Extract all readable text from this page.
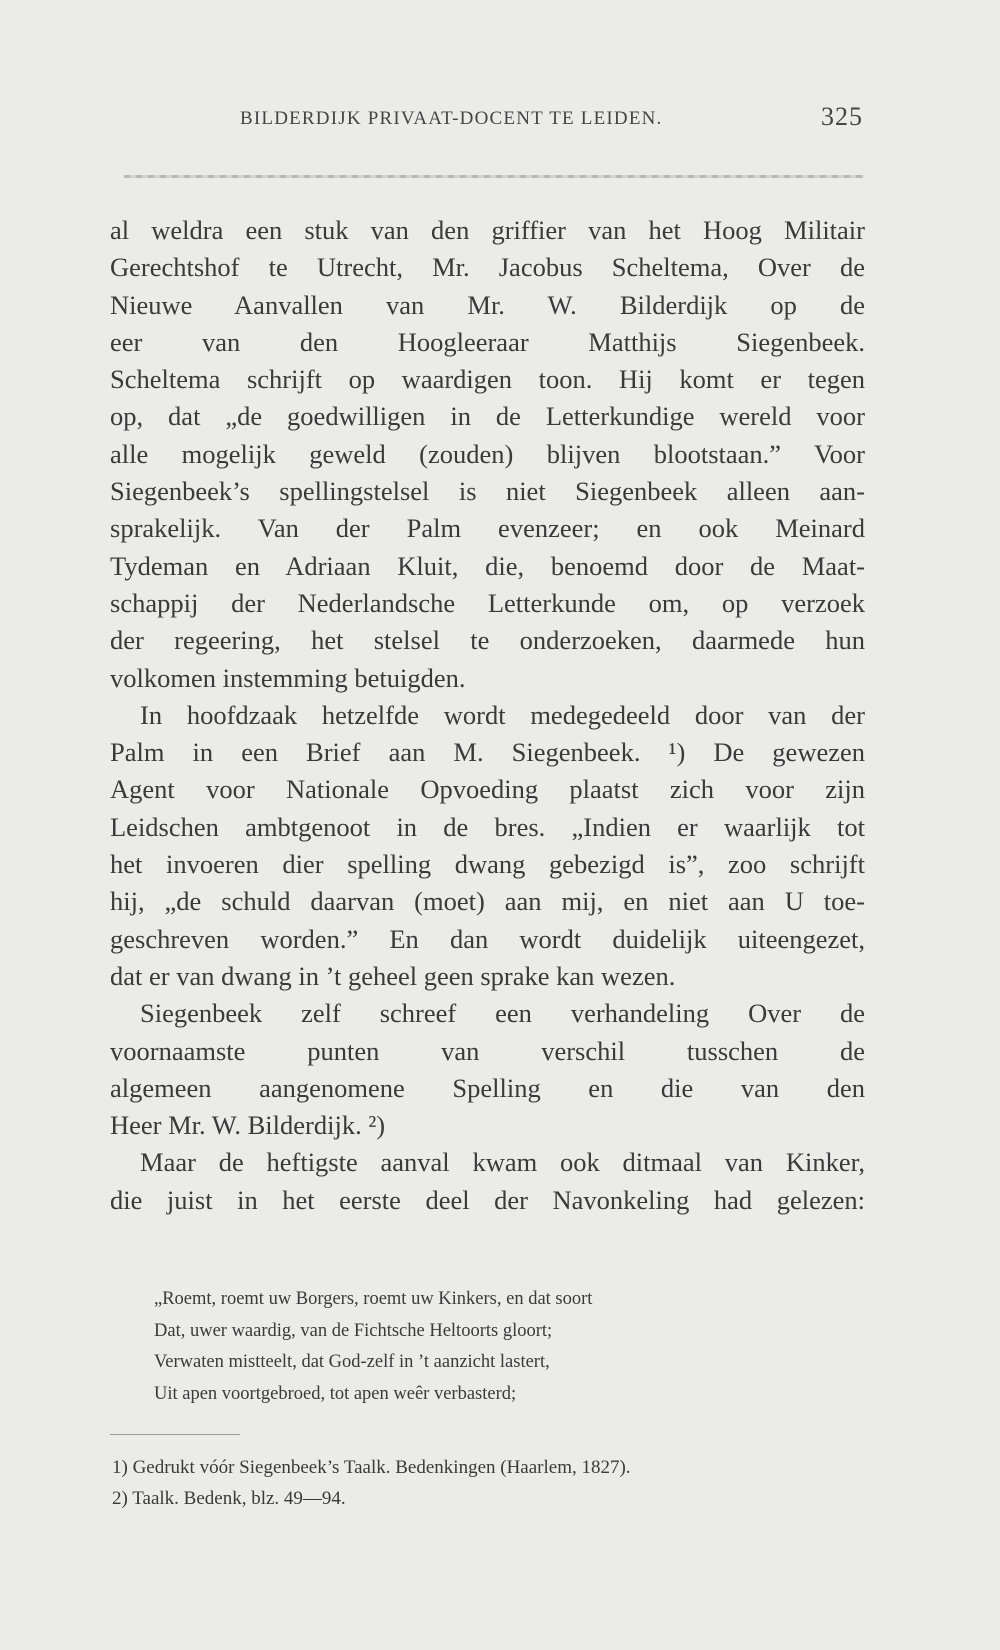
BILDERDIJK PRIVAAT-DOCENT TE LEIDEN.	325
al weldra een stuk van den griffier van het Hoog Militair
Gerechtshof te Utrecht, Mr. Jacobus Scheltema, Over de
Nieuwe Aanvallen van Mr. W. Bilderdijk op de
eer van den Hoogleeraar Matthijs Siegenbeek.
Scheltema schrijft op waardigen toon. Hij komt er tegen
op, dat „de goedwilligen in de Letterkundige wereld voor
alle mogelijk geweld (zouden) blijven blootstaan.” Voor
Siegenbeek’s spellingstelsel is niet Siegenbeek alleen aan-
sprakelijk. Van der Palm evenzeer; en ook Meinard
Tydeman en Adriaan Kluit, die, benoemd door de Maat-
schappij der Nederlandsche Letterkunde om, op verzoek
der regeering, het stelsel te onderzoeken, daarmede hun
volkomen instemming betuigden.
In hoofdzaak hetzelfde wordt medegedeeld door van der
Palm in een Brief aan M. Siegenbeek. ¹) De gewezen
Agent voor Nationale Opvoeding plaatst zich voor zijn
Leidschen ambtgenoot in de bres. „Indien er waarlijk tot
het invoeren dier spelling dwang gebezigd is”, zoo schrijft
hij, „de schuld daarvan (moet) aan mij, en niet aan U toe-
geschreven worden.” En dan wordt duidelijk uiteengezet,
dat er van dwang in ’t geheel geen sprake kan wezen.
Siegenbeek zelf schreef een verhandeling Over de
voornaamste punten van verschil tusschen de
algemeen aangenomene Spelling en die van den
Heer Mr. W. Bilderdijk. ²)
Maar de heftigste aanval kwam ook ditmaal van Kinker,
die juist in het eerste deel der Navonkeling had gelezen:
„Roemt, roemt uw Borgers, roemt uw Kinkers, en dat soort
Dat, uwer waardig, van de Fichtsche Heltoorts gloort;
Verwaten mistteelt, dat God-zelf in ’t aanzicht lastert,
Uit apen voortgebroed, tot apen weêr verbasterd;
1) Gedrukt vóór Siegenbeek’s Taalk. Bedenkingen (Haarlem, 1827).
2) Taalk. Bedenk, blz. 49—94.
